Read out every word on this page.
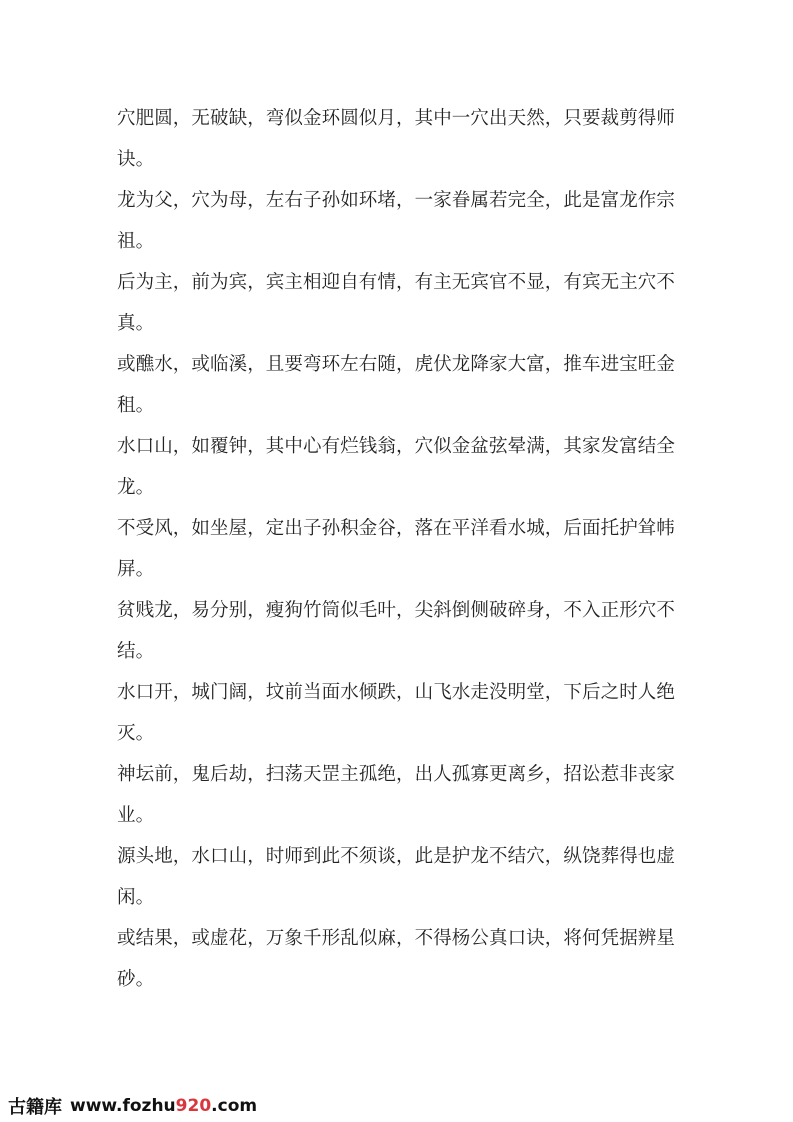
穴肥圆，无破缺，弯似金环圆似月，其中一穴出天然，只要裁剪得师诀。

龙为父，穴为母，左右子孙如环堵，一家眷属若完全，此是富龙作宗祖。

后为主，前为宾，宾主相迎自有情，有主无宾官不显，有宾无主穴不真。

或醮水，或临溪，且要弯环左右随，虎伏龙降家大富，推车进宝旺金租。

水口山，如覆钟，其中心有烂钱翁，穴似金盆弦晕满，其家发富结全龙。

不受风，如坐屋，定出子孙积金谷，落在平洋看水城，后面托护耸帏屏。

贫贱龙，易分别，瘦狗竹筒似毛叶，尖斜倒侧破碎身，不入正形穴不结。

水口开，城门阔，坟前当面水倾跌，山飞水走没明堂，下后之时人绝灭。

神坛前，鬼后劫，扫荡天罡主孤绝，出人孤寡更离乡，招讼惹非丧家业。

源头地，水口山，时师到此不须谈，此是护龙不结穴，纵饶葬得也虚闲。

或结果，或虚花，万象千形乱似麻，不得杨公真口诀，将何凭据辨星砂。

古籍库 www.fozhu920.com
